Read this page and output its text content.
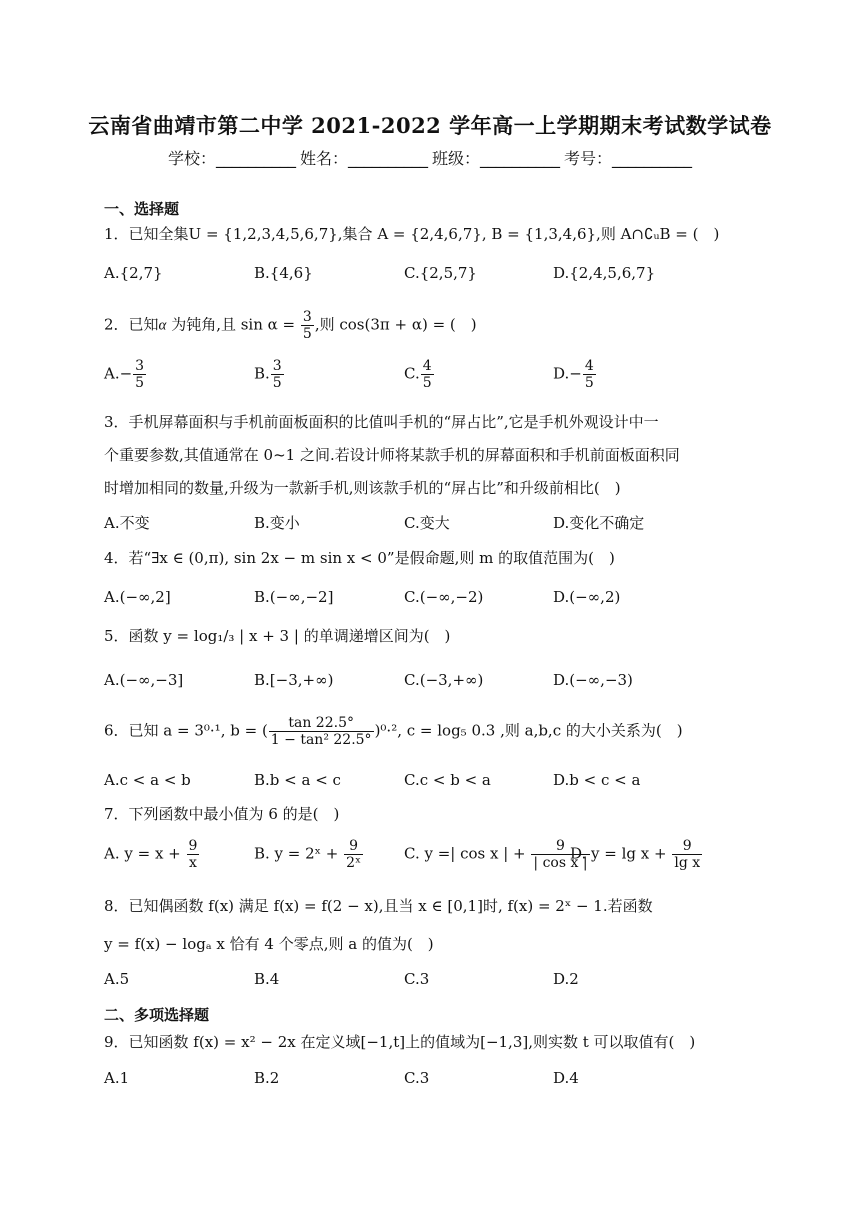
云南省曲靖市第二中学 2021-2022 学年高一上学期期末考试数学试卷
学校：__________ 姓名：__________ 班级：__________ 考号：__________
一、选择题
1．已知全集U = {1,2,3,4,5,6,7},集合 A = {2,4,6,7}, B = {1,3,4,6},则 A∩∁ᵤB = (　)
A.{2,7}	B.{4,6}	C.{2,5,7}	D.{2,4,5,6,7}
2．已知α 为钝角,且 $\sin \alpha = \frac{3}{5}$ ,则 cos(3π + α) = (　)
$A.- \frac{3}{5}$	B. $\frac{3}{5}$	C. $\frac{4}{5}$	$D.- \frac{4}{5}$
3．手机屏幕面积与手机前面板面积的比值叫手机的“屏占比”,它是手机外观设计中一
个重要参数,其值通常在 0~1 之间.若设计师将某款手机的屏幕面积和手机前面板面积同
时增加相同的数量,升级为一款新手机,则该款手机的“屏占比”和升级前相比(　)
A.不变	B.变小	C.变大	D.变化不确定
4．若“∃x ∈ (0,π), sin 2x − m sin x < 0”是假命题,则 m 的取值范围为(　)
A.(−∞,2]	B.(−∞,−2]	C.(−∞,−2)	D.(−∞,2)
5．函数 y = log₁/₃ | x + 3 | 的单调递增区间为(　)
A.(−∞,−3]	B.[−3,+∞)	C.(−3,+∞)	D.(−∞,−3)
6．已知 a = 3⁰·¹, b = ( $\frac{\tan 22.5^\circ}{\text{1 − tan² 22.5°}} )^0\cdot^2$, c = log₅ 0.3 ,则 a,b,c 的大小关系为(　)
A.c < a < b	B.b < a < c	C.c < b < a	D.b < c < a
7．下列函数中最小值为 6 的是(　)
A. $y = x + \frac{9}{x}$	B. y = 2ˣ + $\frac{9}{\text{2ˣ}}$	C. y =| cos x | + $\frac{9}{\text{| cos x |}}$
D. $y = \lg x + \frac{9}{\text{lg x}}$
8．已知偶函数 f(x) 满足 f(x) = f(2 − x),且当 x ∈ [0,1]时, f(x) = 2ˣ − 1.若函数
y = f(x) − logₐ x 恰有 4 个零点,则 a 的值为(　)
A.5	B.4	C.3	D.2
二、多项选择题
9．已知函数 f(x) = x² − 2x 在定义域[−1,t]上的值域为[−1,3],则实数 t 可以取值有(　)
A.1	B.2	C.3	D.4
